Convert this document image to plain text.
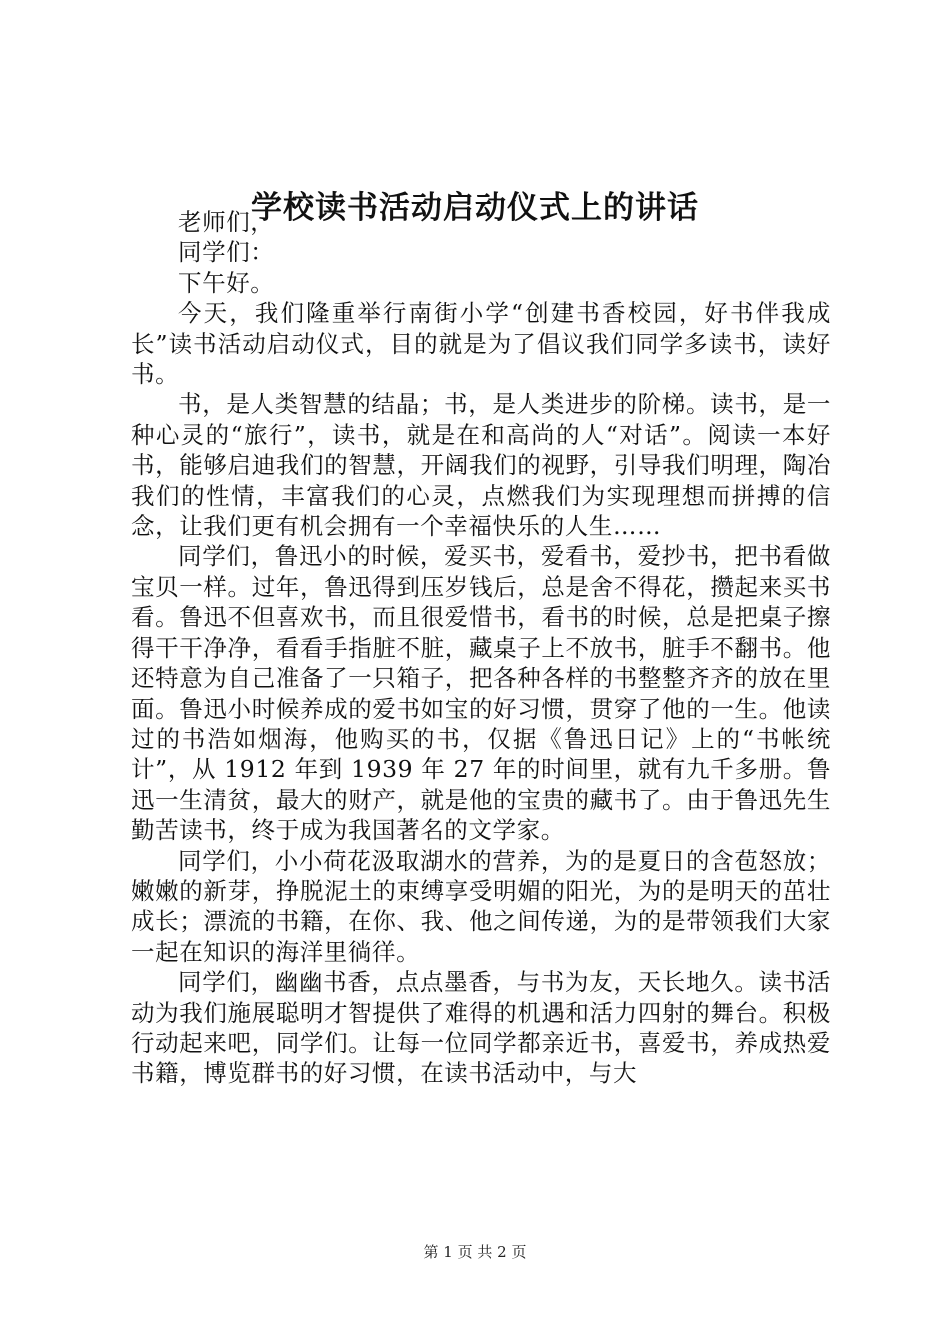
学校读书活动启动仪式上的讲话

老师们，

同学们：

下午好。

今天，我们隆重举行南街小学“创建书香校园，好书伴我成长”读书活动启动仪式，目的就是为了倡议我们同学多读书，读好书。

书，是人类智慧的结晶；书，是人类进步的阶梯。读书，是一种心灵的“旅行”，读书，就是在和高尚的人“对话”。阅读一本好书，能够启迪我们的智慧，开阔我们的视野，引导我们明理，陶冶我们的性情，丰富我们的心灵，点燃我们为实现理想而拼搏的信念，让我们更有机会拥有一个幸福快乐的人生……

同学们，鲁迅小的时候，爱买书，爱看书，爱抄书，把书看做宝贝一样。过年，鲁迅得到压岁钱后，总是舍不得花，攒起来买书看。鲁迅不但喜欢书，而且很爱惜书，看书的时候，总是把桌子擦得干干净净，看看手指脏不脏，藏桌子上不放书，脏手不翻书。他还特意为自己准备了一只箱子，把各种各样的书整整齐齐的放在里面。鲁迅小时候养成的爱书如宝的好习惯，贯穿了他的一生。他读过的书浩如烟海，他购买的书，仅据《鲁迅日记》上的“书帐统计”，从 1912 年到 1939 年 27 年的时间里，就有九千多册。鲁迅一生清贫，最大的财产，就是他的宝贵的藏书了。由于鲁迅先生勤苦读书，终于成为我国著名的文学家。

同学们，小小荷花汲取湖水的营养，为的是夏日的含苞怒放；嫩嫩的新芽，挣脱泥土的束缚享受明媚的阳光，为的是明天的茁壮成长；漂流的书籍，在你、我、他之间传递，为的是带领我们大家一起在知识的海洋里徜徉。

同学们，幽幽书香，点点墨香，与书为友，天长地久。读书活动为我们施展聪明才智提供了难得的机遇和活力四射的舞台。积极行动起来吧，同学们。让每一位同学都亲近书，喜爱书，养成热爱书籍，博览群书的好习惯，在读书活动中，与大

第 1 页 共 2 页
